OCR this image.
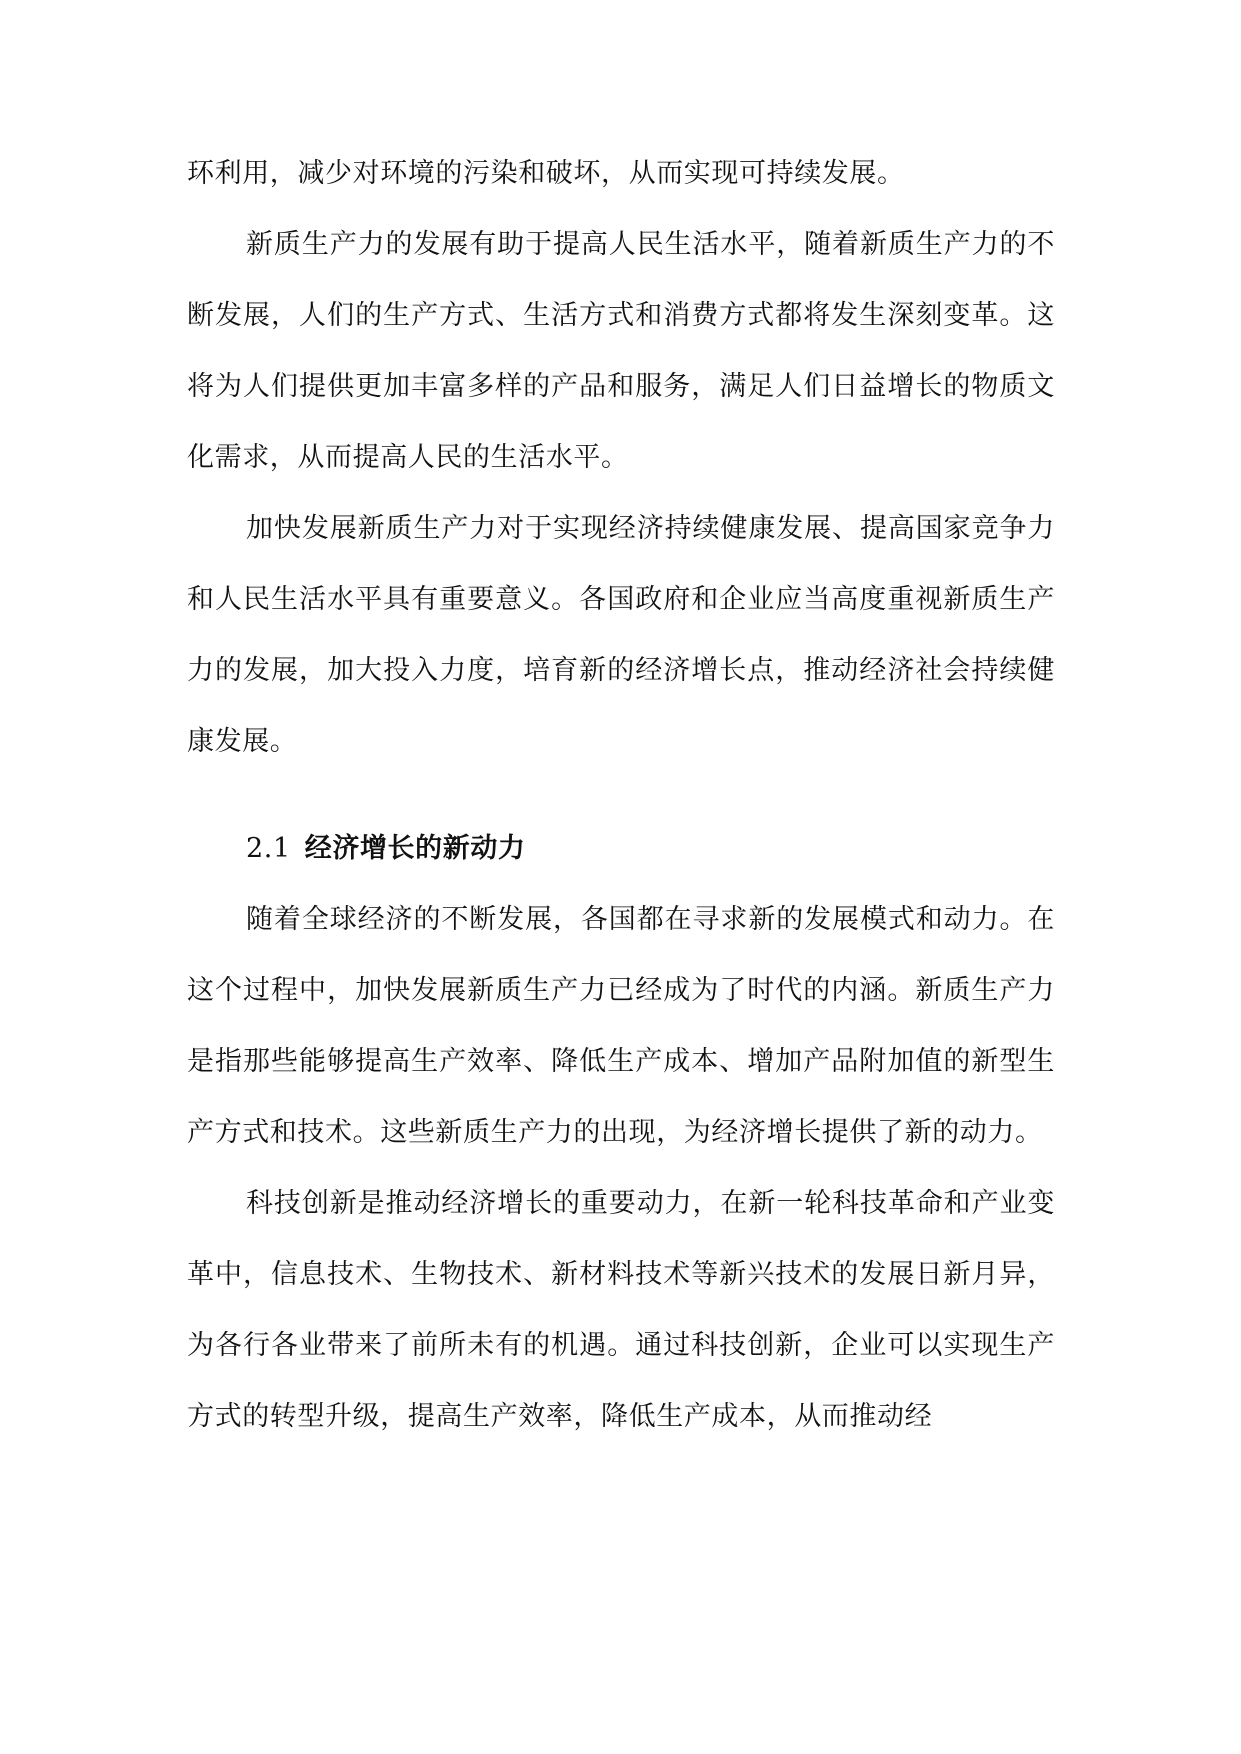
环利用，减少对环境的污染和破坏，从而实现可持续发展。

新质生产力的发展有助于提高人民生活水平，随着新质生产力的不断发展，人们的生产方式、生活方式和消费方式都将发生深刻变革。这将为人们提供更加丰富多样的产品和服务，满足人们日益增长的物质文化需求，从而提高人民的生活水平。

加快发展新质生产力对于实现经济持续健康发展、提高国家竞争力和人民生活水平具有重要意义。各国政府和企业应当高度重视新质生产力的发展，加大投入力度，培育新的经济增长点，推动经济社会持续健康发展。

2.1 经济增长的新动力

随着全球经济的不断发展，各国都在寻求新的发展模式和动力。在这个过程中，加快发展新质生产力已经成为了时代的内涵。新质生产力是指那些能够提高生产效率、降低生产成本、增加产品附加值的新型生产方式和技术。这些新质生产力的出现，为经济增长提供了新的动力。

科技创新是推动经济增长的重要动力，在新一轮科技革命和产业变革中，信息技术、生物技术、新材料技术等新兴技术的发展日新月异，为各行各业带来了前所未有的机遇。通过科技创新，企业可以实现生产方式的转型升级，提高生产效率，降低生产成本，从而推动经
